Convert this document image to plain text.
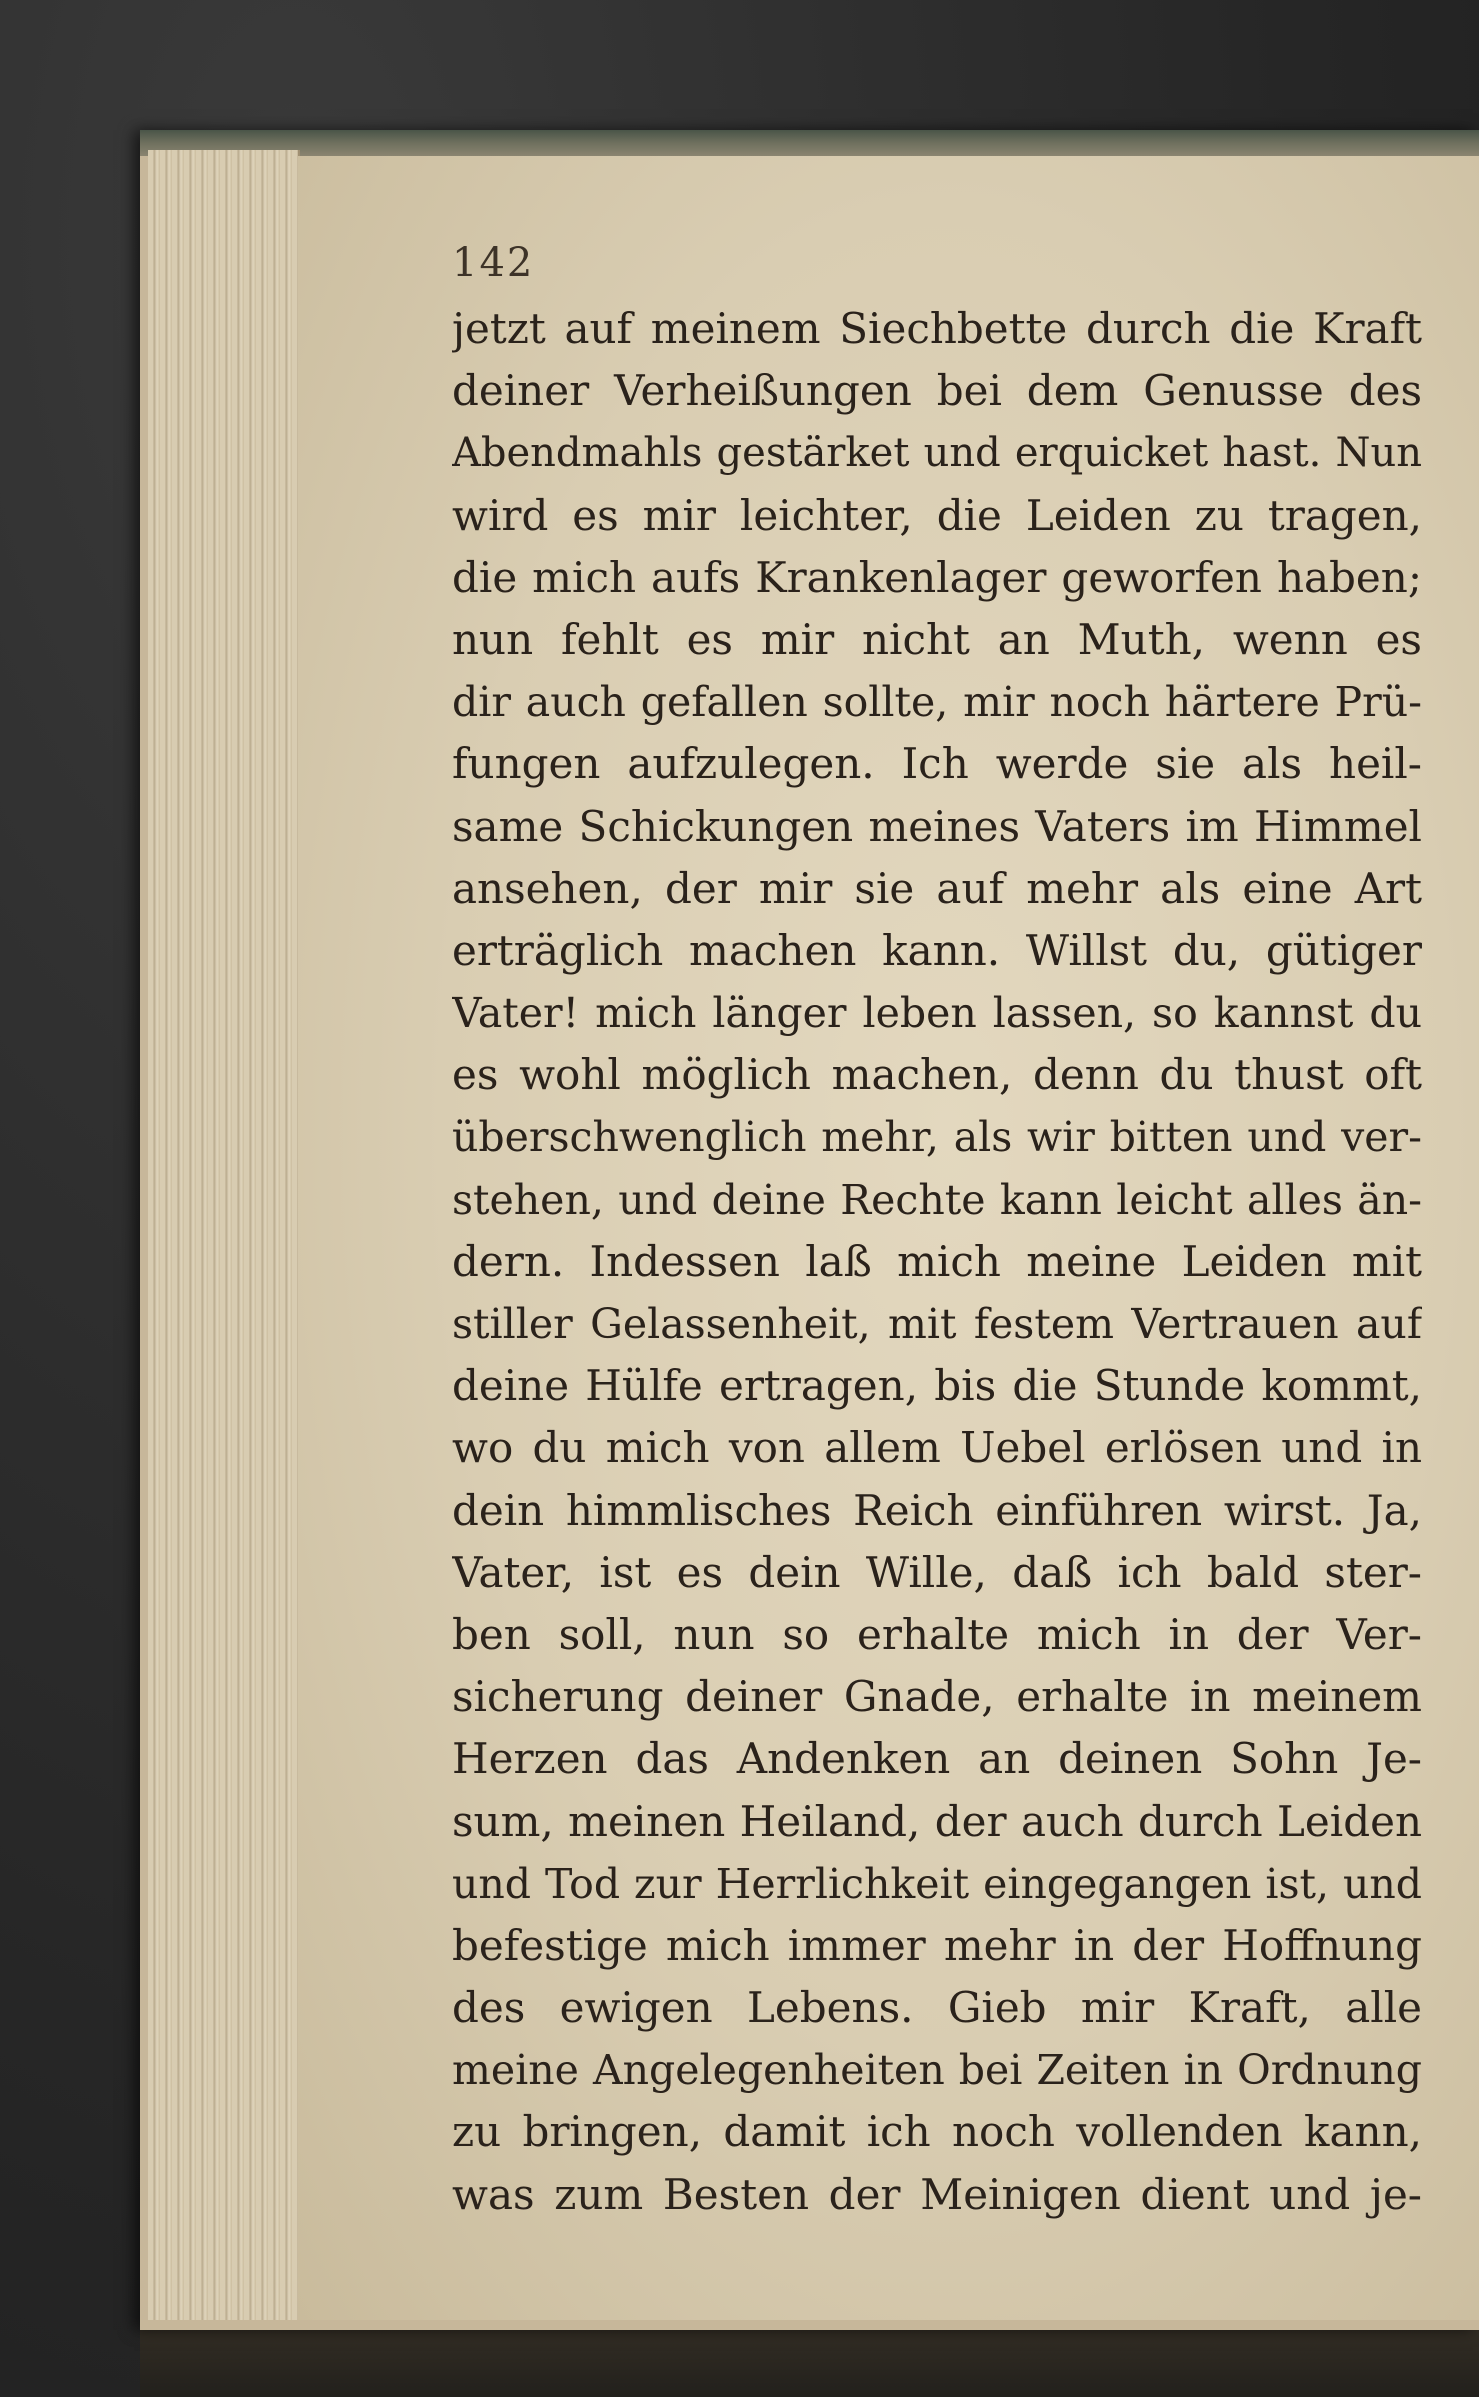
142
jetzt auf meinem Siechbette durch die Kraft
deiner Verheißungen bei dem Genusse des
Abendmahls gestärket und erquicket hast. Nun
wird es mir leichter, die Leiden zu tragen,
die mich aufs Krankenlager geworfen haben;
nun fehlt es mir nicht an Muth, wenn es
dir auch gefallen sollte, mir noch härtere Prü-
fungen aufzulegen. Ich werde sie als heil-
same Schickungen meines Vaters im Himmel
ansehen, der mir sie auf mehr als eine Art
erträglich machen kann. Willst du, gütiger
Vater! mich länger leben lassen, so kannst du
es wohl möglich machen, denn du thust oft
überschwenglich mehr, als wir bitten und ver-
stehen, und deine Rechte kann leicht alles än-
dern. Indessen laß mich meine Leiden mit
stiller Gelassenheit, mit festem Vertrauen auf
deine Hülfe ertragen, bis die Stunde kommt,
wo du mich von allem Uebel erlösen und in
dein himmlisches Reich einführen wirst. Ja,
Vater, ist es dein Wille, daß ich bald ster-
ben soll, nun so erhalte mich in der Ver-
sicherung deiner Gnade, erhalte in meinem
Herzen das Andenken an deinen Sohn Je-
sum, meinen Heiland, der auch durch Leiden
und Tod zur Herrlichkeit eingegangen ist, und
befestige mich immer mehr in der Hoffnung
des ewigen Lebens. Gieb mir Kraft, alle
meine Angelegenheiten bei Zeiten in Ordnung
zu bringen, damit ich noch vollenden kann,
was zum Besten der Meinigen dient und je-
